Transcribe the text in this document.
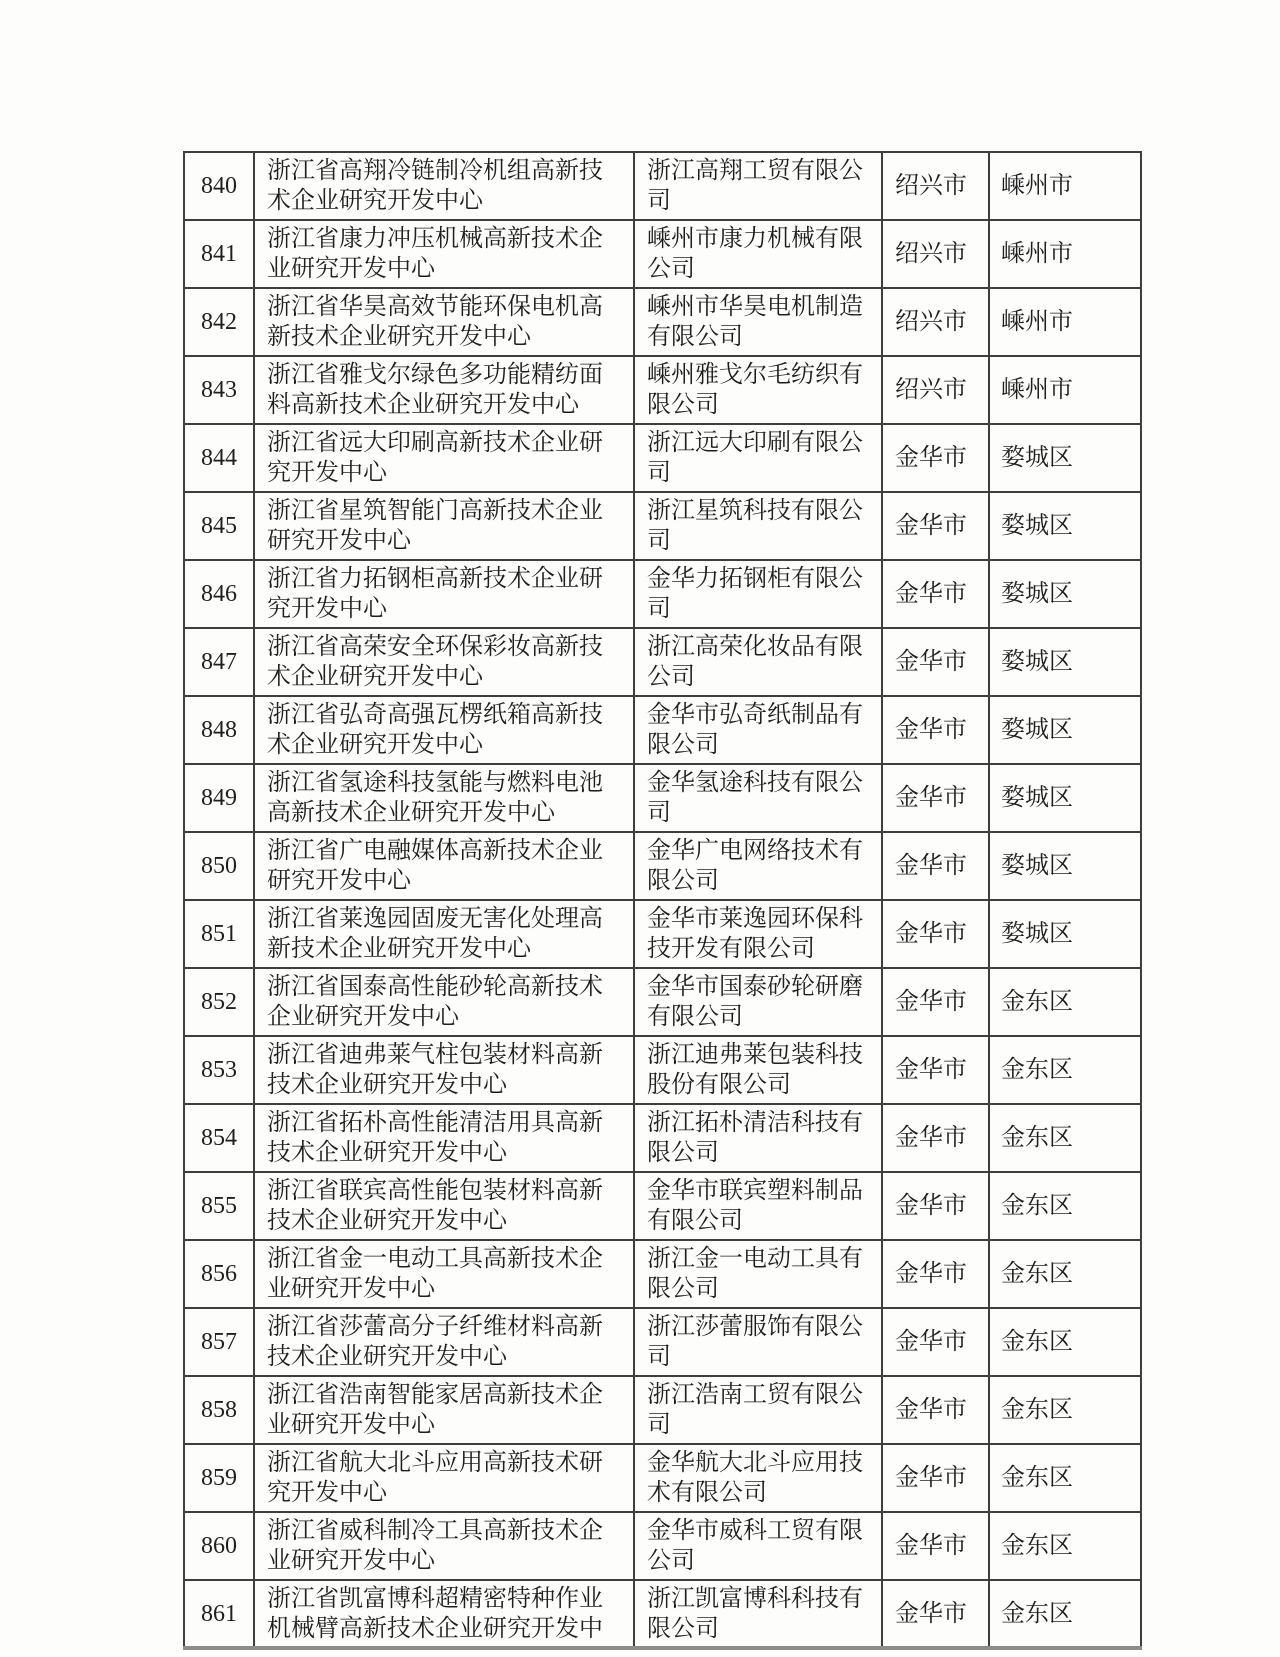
840	浙江省高翔冷链制冷机组高新技术企业研究开发中心	浙江高翔工贸有限公司	绍兴市	嵊州市
841	浙江省康力冲压机械高新技术企业研究开发中心	嵊州市康力机械有限公司	绍兴市	嵊州市
842	浙江省华昊高效节能环保电机高新技术企业研究开发中心	嵊州市华昊电机制造有限公司	绍兴市	嵊州市
843	浙江省雅戈尔绿色多功能精纺面料高新技术企业研究开发中心	嵊州雅戈尔毛纺织有限公司	绍兴市	嵊州市
844	浙江省远大印刷高新技术企业研究开发中心	浙江远大印刷有限公司	金华市	婺城区
845	浙江省星筑智能门高新技术企业研究开发中心	浙江星筑科技有限公司	金华市	婺城区
846	浙江省力拓钢柜高新技术企业研究开发中心	金华力拓钢柜有限公司	金华市	婺城区
847	浙江省高荣安全环保彩妆高新技术企业研究开发中心	浙江高荣化妆品有限公司	金华市	婺城区
848	浙江省弘奇高强瓦楞纸箱高新技术企业研究开发中心	金华市弘奇纸制品有限公司	金华市	婺城区
849	浙江省氢途科技氢能与燃料电池高新技术企业研究开发中心	金华氢途科技有限公司	金华市	婺城区
850	浙江省广电融媒体高新技术企业研究开发中心	金华广电网络技术有限公司	金华市	婺城区
851	浙江省莱逸园固废无害化处理高新技术企业研究开发中心	金华市莱逸园环保科技开发有限公司	金华市	婺城区
852	浙江省国泰高性能砂轮高新技术企业研究开发中心	金华市国泰砂轮研磨有限公司	金华市	金东区
853	浙江省迪弗莱气柱包装材料高新技术企业研究开发中心	浙江迪弗莱包装科技股份有限公司	金华市	金东区
854	浙江省拓朴高性能清洁用具高新技术企业研究开发中心	浙江拓朴清洁科技有限公司	金华市	金东区
855	浙江省联宾高性能包装材料高新技术企业研究开发中心	金华市联宾塑料制品有限公司	金华市	金东区
856	浙江省金一电动工具高新技术企业研究开发中心	浙江金一电动工具有限公司	金华市	金东区
857	浙江省莎蕾高分子纤维材料高新技术企业研究开发中心	浙江莎蕾服饰有限公司	金华市	金东区
858	浙江省浩南智能家居高新技术企业研究开发中心	浙江浩南工贸有限公司	金华市	金东区
859	浙江省航大北斗应用高新技术研究开发中心	金华航大北斗应用技术有限公司	金华市	金东区
860	浙江省威科制冷工具高新技术企业研究开发中心	金华市威科工贸有限公司	金华市	金东区
861	浙江省凯富博科超精密特种作业机械臂高新技术企业研究开发中	浙江凯富博科科技有限公司	金华市	金东区
